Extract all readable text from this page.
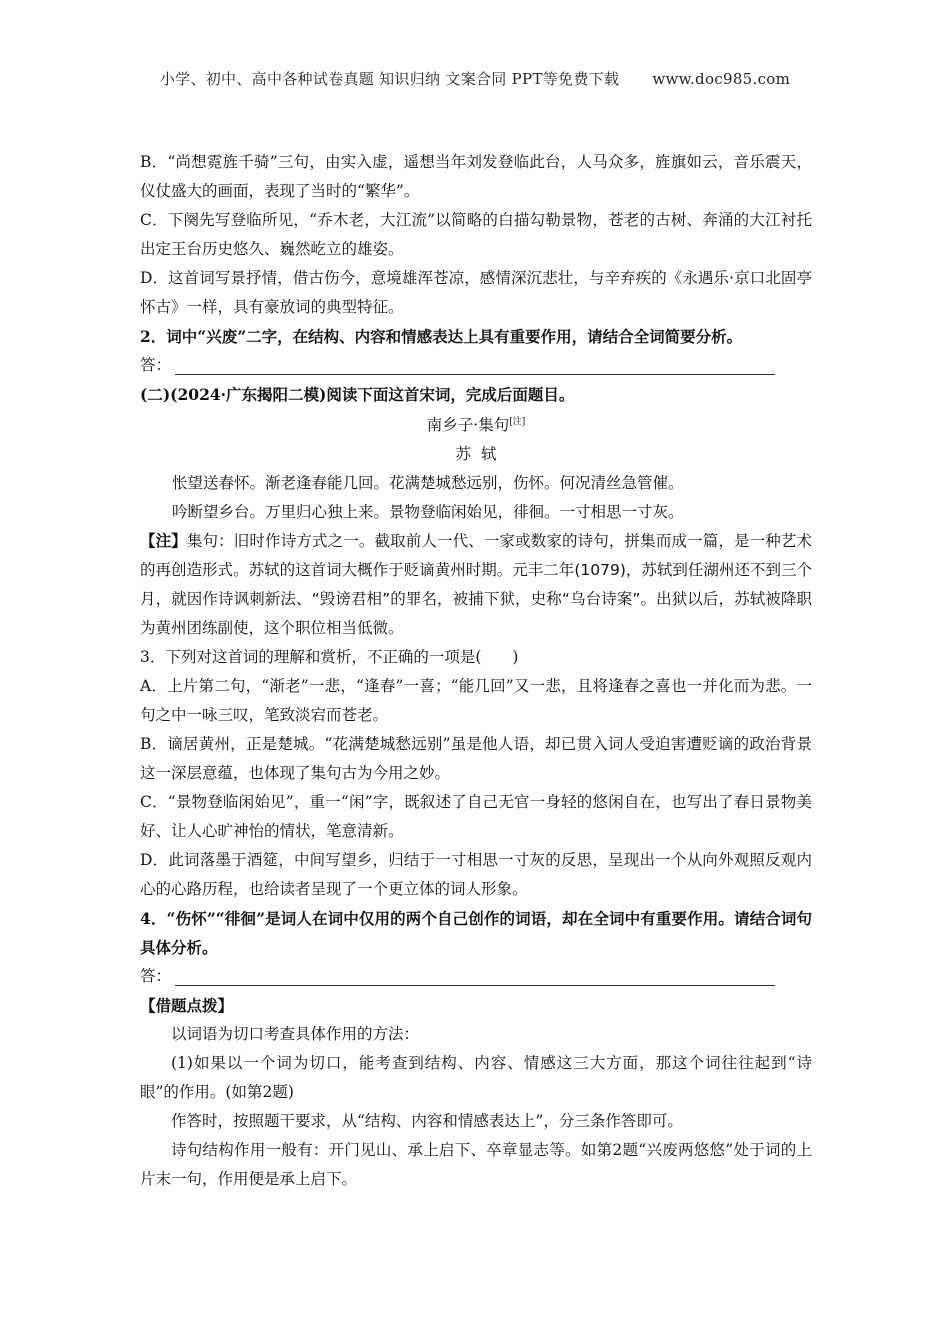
小学、初中、高中各种试卷真题 知识归纳 文案合同 PPT等免费下载 www.doc985.com

B．“尚想霓旌千骑”三句，由实入虚，遥想当年刘发登临此台，人马众多，旌旗如云，音乐震天，仪仗盛大的画面，表现了当时的“繁华”。

C．下阕先写登临所见，“乔木老，大江流”以简略的白描勾勒景物，苍老的古树、奔涌的大江衬托出定王台历史悠久、巍然屹立的雄姿。

D．这首词写景抒情，借古伤今，意境雄浑苍凉，感情深沉悲壮，与辛弃疾的《永遇乐·京口北固亭怀古》一样，具有豪放词的典型特征。

2．词中“兴废”二字，在结构、内容和情感表达上具有重要作用，请结合全词简要分析。

答：

(二)(2024·广东揭阳二模)阅读下面这首宋词，完成后面题目。

南乡子·集句[注]

苏轼

怅望送春怀。渐老逢春能几回。花满楚城愁远别，伤怀。何况清丝急管催。

吟断望乡台。万里归心独上来。景物登临闲始见，徘徊。一寸相思一寸灰。

【注】集句：旧时作诗方式之一。截取前人一代、一家或数家的诗句，拼集而成一篇，是一种艺术的再创造形式。苏轼的这首词大概作于贬谪黄州时期。元丰二年(1079)，苏轼到任湖州还不到三个月，就因作诗讽刺新法、“毁谤君相”的罪名，被捕下狱，史称“乌台诗案”。出狱以后，苏轼被降职为黄州团练副使，这个职位相当低微。

3．下列对这首词的理解和赏析，不正确的一项是(　　)

A．上片第二句，“渐老”一悲，“逢春”一喜；“能几回”又一悲，且将逢春之喜也一并化而为悲。一句之中一咏三叹，笔致淡宕而苍老。

B．谪居黄州，正是楚城。“花满楚城愁远别”虽是他人语，却已贯入词人受迫害遭贬谪的政治背景这一深层意蕴，也体现了集句古为今用之妙。

C．“景物登临闲始见”，重一“闲”字，既叙述了自己无官一身轻的悠闲自在，也写出了春日景物美好、让人心旷神怡的情状，笔意清新。

D．此词落墨于酒筵，中间写望乡，归结于一寸相思一寸灰的反思，呈现出一个从向外观照反观内心的心路历程，也给读者呈现了一个更立体的词人形象。

4．“伤怀”“徘徊”是词人在词中仅用的两个自己创作的词语，却在全词中有重要作用。请结合词句具体分析。

答：

【借题点拨】

以词语为切口考查具体作用的方法：

(1)如果以一个词为切口，能考查到结构、内容、情感这三大方面，那这个词往往起到“诗眼”的作用。(如第2题)

作答时，按照题干要求，从“结构、内容和情感表达上”，分三条作答即可。

诗句结构作用一般有：开门见山、承上启下、卒章显志等。如第2题“兴废两悠悠”处于词的上片末一句，作用便是承上启下。
